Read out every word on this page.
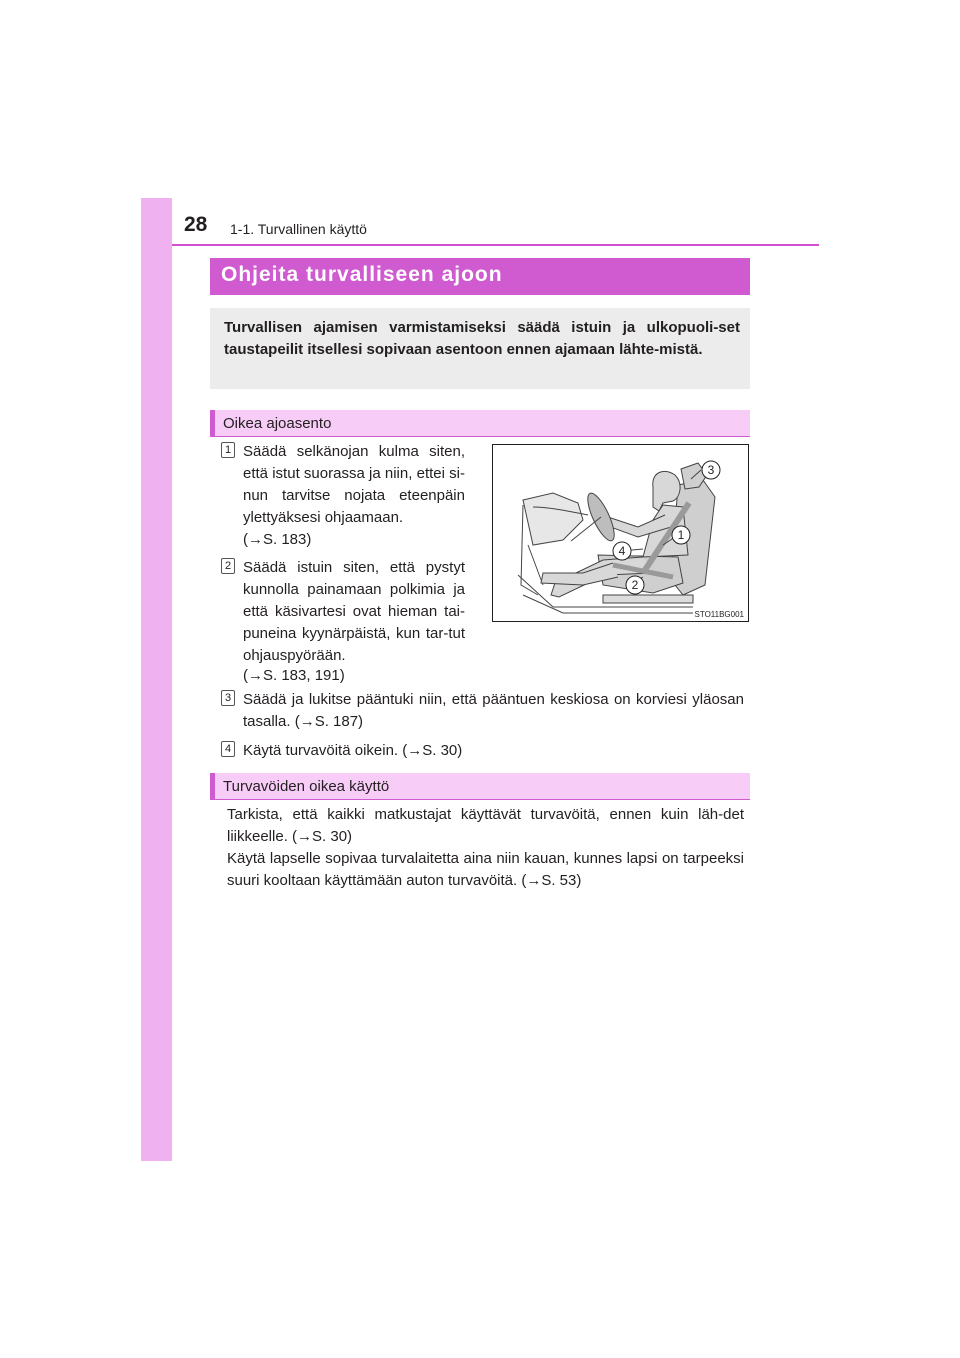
28 1-1. Turvallinen käyttö
Ohjeita turvalliseen ajoon

Turvallisen ajamisen varmistamiseksi säädä istuin ja ulkopuoli-set taustapeilit itsellesi sopivaan asentoon ennen ajamaan lähte-mistä.

Oikea ajoasento
1 Säädä selkänojan kulma siten, että istut suorassa ja niin, ettei si-nun tarvitse nojata eteenpäin ylettyäksesi ohjaamaan.

(→S. 183)

2 Säädä istuin siten, että pystyt kunnolla painamaan polkimia ja että käsivartesi ovat hieman tai-puneina kyynärpäistä, kun tar-tut ohjauspyörään.

(→S. 183, 191)

3 Säädä ja lukitse pääntuki niin, että pääntuen keskiosa on korviesi yläosan tasalla. (→S. 187)

4 Käytä turvavöitä oikein. (→S. 30)

3
1
4
2
STO11BG001
Turvavöiden oikea käyttö

Tarkista, että kaikki matkustajat käyttävät turvavöitä, ennen kuin läh-det liikkeelle. (→S. 30)

Käytä lapselle sopivaa turvalaitetta aina niin kauan, kunnes lapsi on tarpeeksi suuri kooltaan käyttämään auton turvavöitä. (→S. 53)
